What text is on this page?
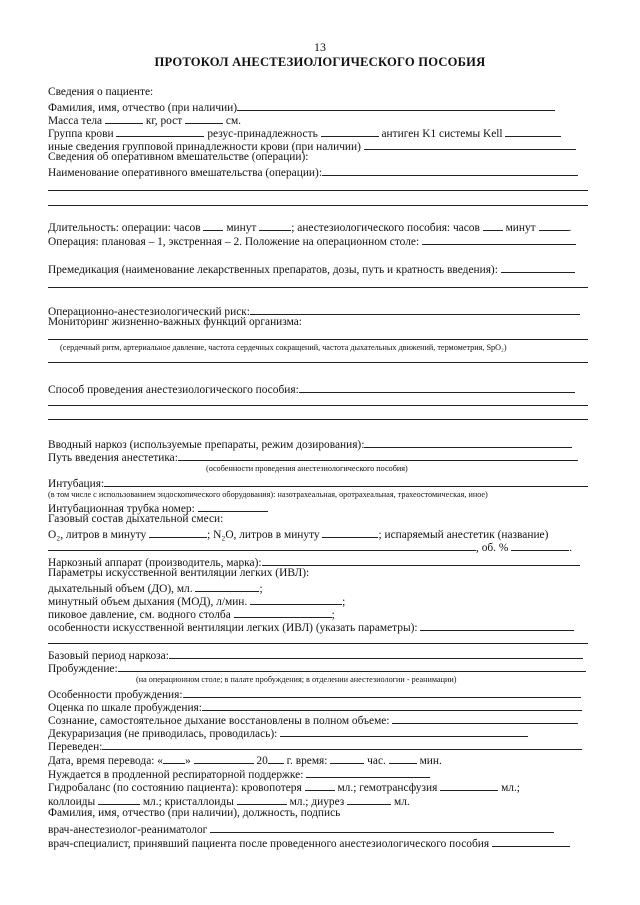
13
ПРОТОКОЛ АНЕСТЕЗИОЛОГИЧЕСКОГО ПОСОБИЯ
Сведения о пациенте:
Фамилия, имя, отчество (при наличии)
Масса тела	кг, рост	см.
Группа крови	резус-принадлежность	антиген K1 системы Kell
иные сведения групповой принадлежности крови (при наличии)
Сведения об оперативном вмешательстве (операции):
Наименование оперативного вмешательства (операции):
Длительность: операции: часов минут	; анестезиологического пособия: часов минут	.
Операция: плановая – 1, экстренная – 2. Положение на операционном столе:
Премедикация (наименование лекарственных препаратов, дозы, путь и кратность введения):
Операционно-анестезиологический риск:
Мониторинг жизненно-важных функций организма:
(сердечный ритм, артериальное давление, частота сердечных сокращений, частота дыхательных движений, термометрия, SpO₂)
Способ проведения анестезиологического пособия:
Вводный наркоз (используемые препараты, режим дозирования):
Путь введения анестетика:
(особенности проведения анестезиологического пособия)
Интубация:
(в том числе с использованием эндоскопического оборудования): назотрахеальная, оротрахеальная, трахеостомическая, иное)
Интубационная трубка номер:
Газовый состав дыхательной смеси:
O₂, литров в минуту	; N₂O, литров в минуту	; испаряемый анестетик (название)
, об. %	.
Наркозный аппарат (производитель, марка):
Параметры искусственной вентиляции легких (ИВЛ):
дыхательный объем (ДО), мл.	;
минутный объем дыхания (МОД), л/мин.	;
пиковое давление, см. водного столба	;
особенности искусственной вентиляции легких (ИВЛ) (указать параметры):
Базовый период наркоза:
Пробуждение:
(на операционном столе; в палате пробуждения; в отделении анестезиологии - реанимации)
Особенности пробуждения:
Оценка по шкале пробуждения:
Сознание, самостоятельное дыхание восстановлены в полном объеме:
Декураризация (не приводилась, проводилась):
Переведен:
Дата, время перевода: « »	20 г. время:	час.	мин.
Нуждается в продленной респираторной поддержке:
Гидробаланс (по состоянию пациента): кровопотеря	мл.; гемотрансфузия	мл.;
коллоиды	мл.; кристаллоиды	мл.; диурез	мл.
Фамилия, имя, отчество (при наличии), должность, подпись
врач-анестезиолог-реаниматолог
врач-специалист, принявший пациента после проведенного анестезиологического пособия
